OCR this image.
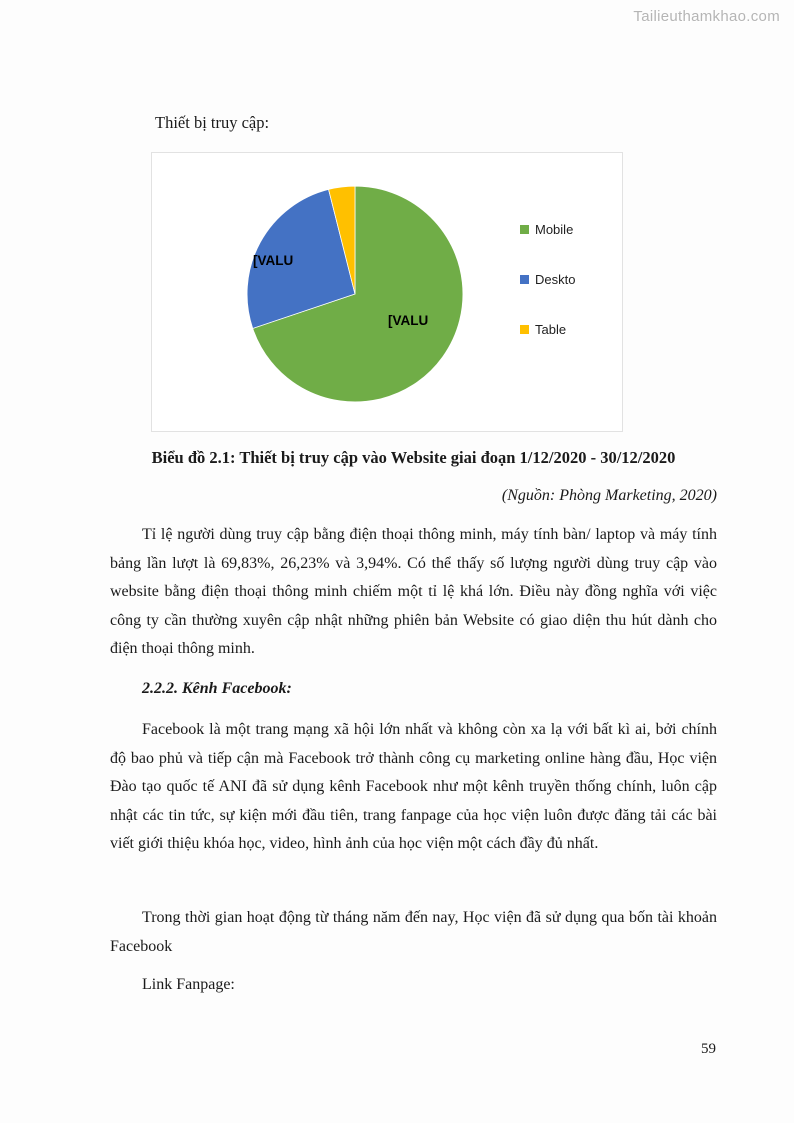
Tailieuthamkhao.com
Thiết bị truy cập:
[VALU
[VALU
Mobile
Deskto
Table
Biểu đồ 2.1: Thiết bị truy cập vào Website giai đoạn 1/12/2020 - 30/12/2020
(Nguồn: Phòng Marketing, 2020)
Tỉ lệ người dùng truy cập bằng điện thoại thông minh, máy tính bàn/ laptop và máy tính bảng lần lượt là 69,83%, 26,23% và 3,94%. Có thể thấy số lượng người dùng truy cập vào website bằng điện thoại thông minh chiếm một tỉ lệ khá lớn. Điều này đồng nghĩa với việc công ty cần thường xuyên cập nhật những phiên bản Website có giao diện thu hút dành cho điện thoại thông minh.
2.2.2. Kênh Facebook:
Facebook là một trang mạng xã hội lớn nhất và không còn xa lạ với bất kì ai, bởi chính độ bao phủ và tiếp cận mà Facebook trở thành công cụ marketing online hàng đầu, Học viện Đào tạo quốc tế ANI đã sử dụng kênh Facebook như một kênh truyền thống chính, luôn cập nhật các tin tức, sự kiện mới đầu tiên, trang fanpage của học viện luôn được đăng tải các bài viết giới thiệu khóa học, video, hình ảnh của học viện một cách đầy đủ nhất.
Trong thời gian hoạt động từ tháng năm đến nay, Học viện đã sử dụng qua bốn tài khoản Facebook
Link Fanpage:
59
